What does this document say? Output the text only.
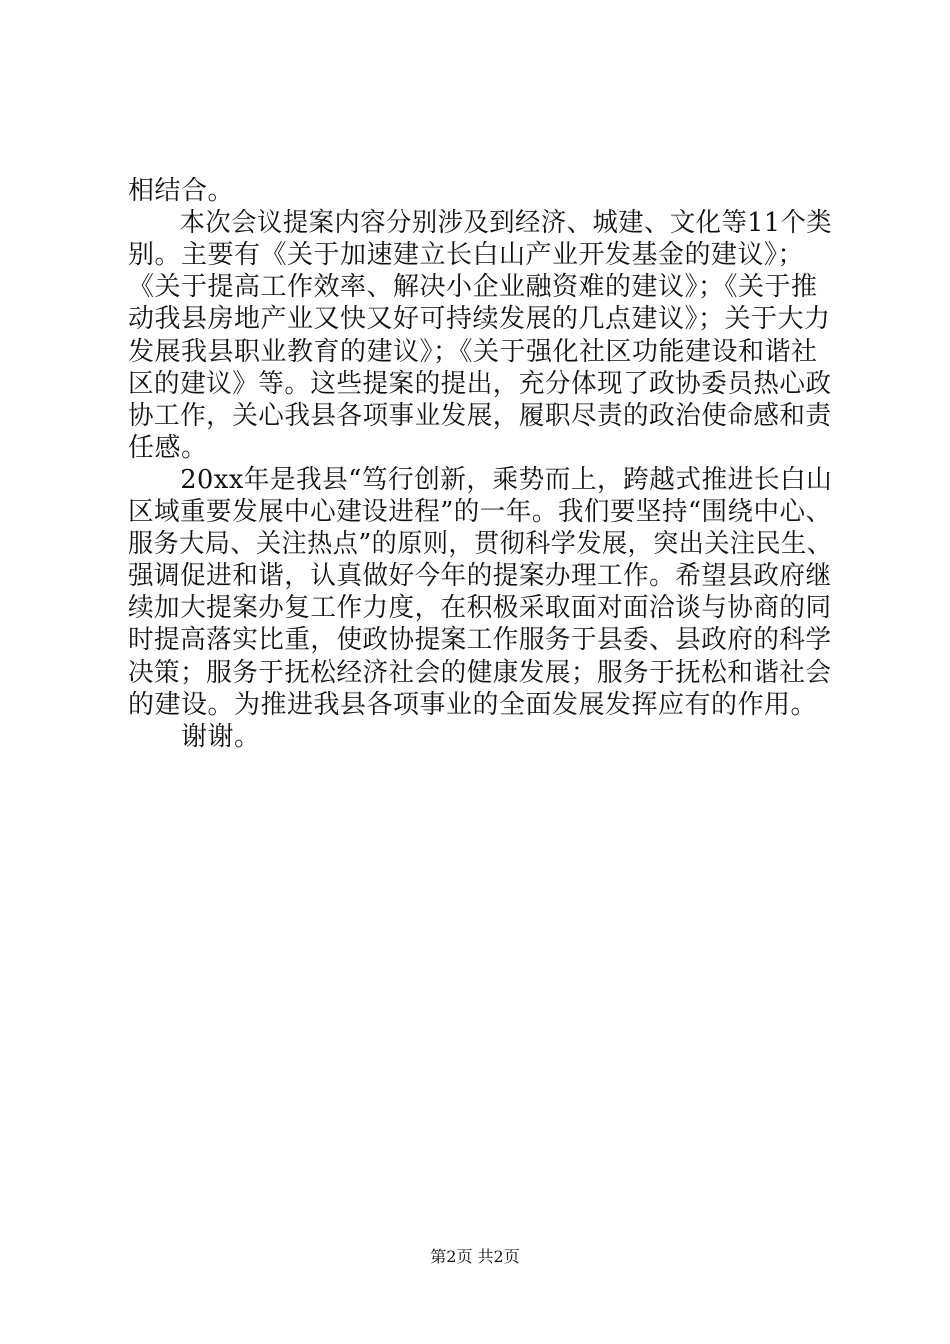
相结合。
　　本次会议提案内容分别涉及到经济、城建、文化等11个类
别。主要有《关于加速建立长白山产业开发基金的建议》；
《关于提高工作效率、解决小企业融资难的建议》；《关于推
动我县房地产业又快又好可持续发展的几点建议》；关于大力
发展我县职业教育的建议》；《关于强化社区功能建设和谐社
区的建议》等。这些提案的提出，充分体现了政协委员热心政
协工作，关心我县各项事业发展，履职尽责的政治使命感和责
任感。
　　20xx年是我县“笃行创新，乘势而上，跨越式推进长白山
区域重要发展中心建设进程”的一年。我们要坚持“围绕中心、
服务大局、关注热点”的原则，贯彻科学发展，突出关注民生、
强调促进和谐，认真做好今年的提案办理工作。希望县政府继
续加大提案办复工作力度，在积极采取面对面洽谈与协商的同
时提高落实比重，使政协提案工作服务于县委、县政府的科学
决策；服务于抚松经济社会的健康发展；服务于抚松和谐社会
的建设。为推进我县各项事业的全面发展发挥应有的作用。
　　谢谢。
第2页 共2页
